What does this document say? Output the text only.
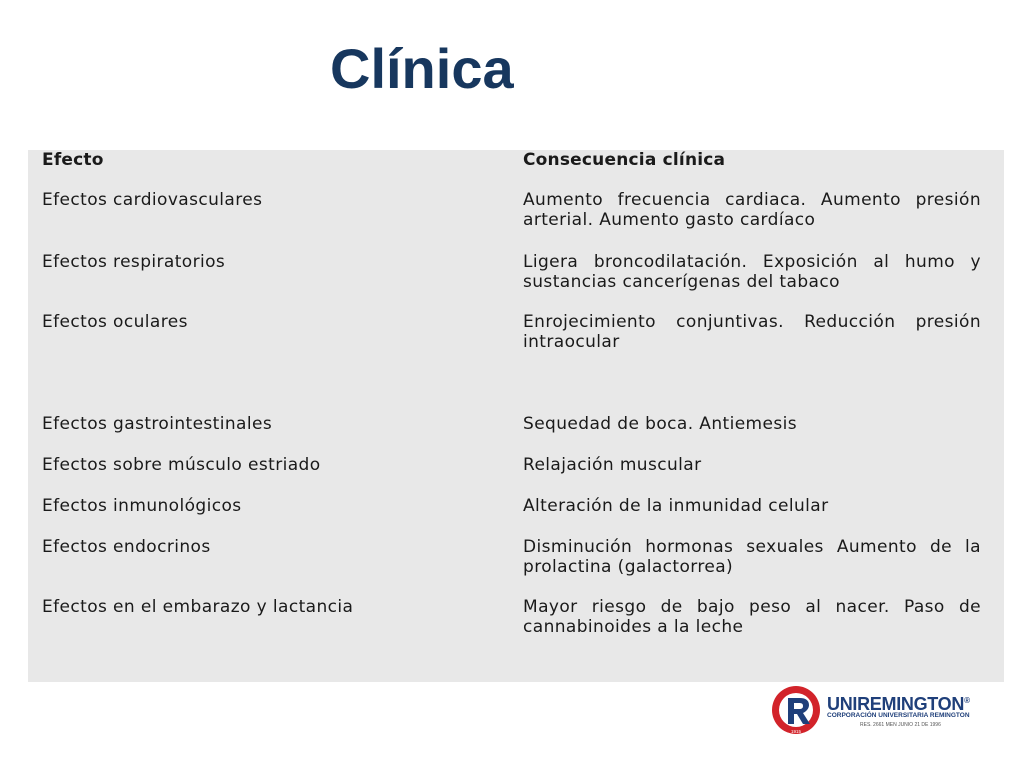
Clínica

Efecto	Consecuencia clínica

Efectos cardiovasculares	Aumento frecuencia cardiaca. Aumento presión arterial. Aumento gasto cardíaco

Efectos respiratorios	Ligera broncodilatación. Exposición al humo y sustancias cancerígenas del tabaco

Efectos oculares	Enrojecimiento conjuntivas. Reducción presión intraocular

Efectos gastrointestinales	Sequedad de boca. Antiemesis

Efectos sobre músculo estriado	Relajación muscular

Efectos inmunológicos	Alteración de la inmunidad celular

Efectos endocrinos	Disminución hormonas sexuales Aumento de la prolactina (galactorrea)

Efectos en el embarazo y lactancia	Mayor riesgo de bajo peso al nacer. Paso de cannabinoides a la leche

1915

UNIREMINGTON®

CORPORACIÓN UNIVERSITARIA REMINGTON

RES. 2661 MEN JUNIO 21 DE 1996
